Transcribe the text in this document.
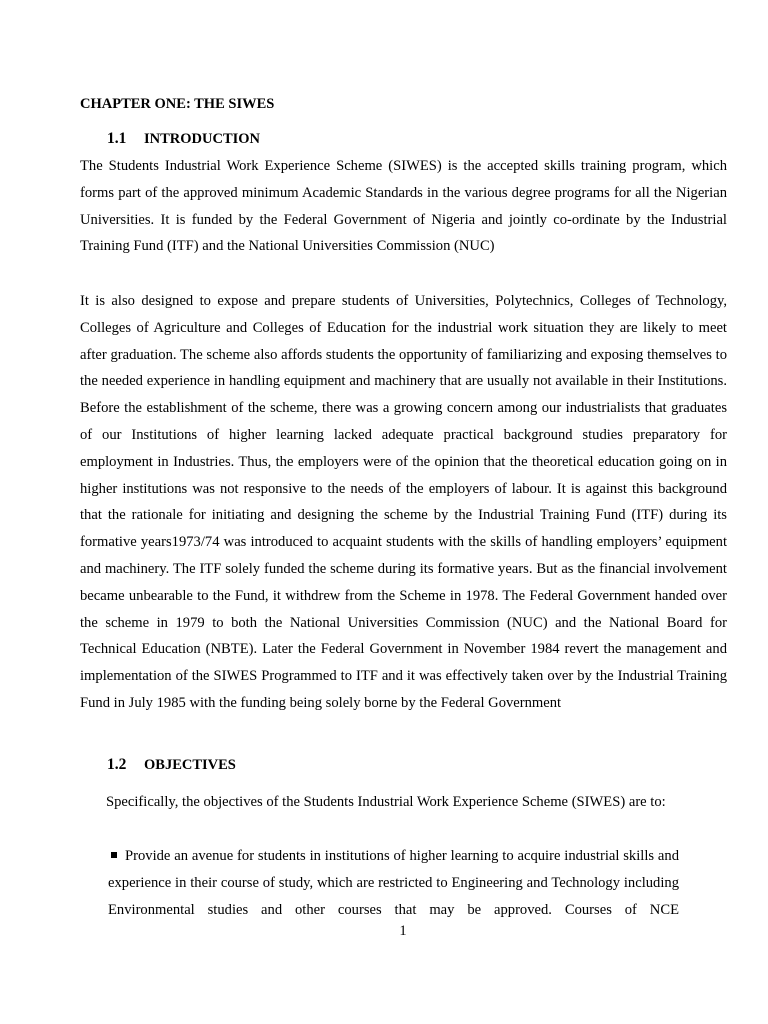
CHAPTER ONE: THE SIWES
1.1 INTRODUCTION

The Students Industrial Work Experience Scheme (SIWES) is the accepted skills training program, which forms part of the approved minimum Academic Standards in the various degree programs for all the Nigerian Universities. It is funded by the Federal Government of Nigeria and jointly co-ordinate by the Industrial Training Fund (ITF) and the National Universities Commission (NUC)

It is also designed to expose and prepare students of Universities, Polytechnics, Colleges of Technology, Colleges of Agriculture and Colleges of Education for the industrial work situation they are likely to meet after graduation. The scheme also affords students the opportunity of familiarizing and exposing themselves to the needed experience in handling equipment and machinery that are usually not available in their Institutions. Before the establishment of the scheme, there was a growing concern among our industrialists that graduates of our Institutions of higher learning lacked adequate practical background studies preparatory for employment in Industries. Thus, the employers were of the opinion that the theoretical education going on in higher institutions was not responsive to the needs of the employers of labour. It is against this background that the rationale for initiating and designing the scheme by the Industrial Training Fund (ITF) during its formative years1973/74 was introduced to acquaint students with the skills of handling employers’ equipment and machinery. The ITF solely funded the scheme during its formative years. But as the financial involvement became unbearable to the Fund, it withdrew from the Scheme in 1978. The Federal Government handed over the scheme in 1979 to both the National Universities Commission (NUC) and the National Board for Technical Education (NBTE). Later the Federal Government in November 1984 revert the management and implementation of the SIWES Programmed to ITF and it was effectively taken over by the Industrial Training Fund in July 1985 with the funding being solely borne by the Federal Government

1.2 OBJECTIVES

Specifically, the objectives of the Students Industrial Work Experience Scheme (SIWES) are to:

Provide an avenue for students in institutions of higher learning to acquire industrial skills and experience in their course of study, which are restricted to Engineering and Technology including Environmental studies and other courses that may be approved. Courses of NCE
1
